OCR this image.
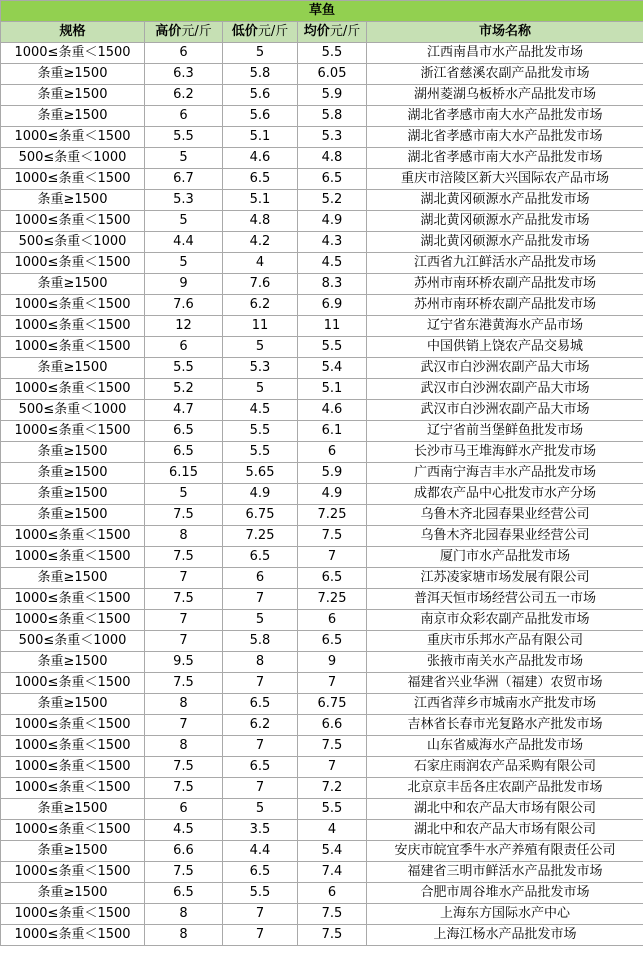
草鱼				
规格	高价元/斤	低价元/斤	均价元/斤	市场名称
1000≤条重＜1500	6	5	5.5	江西南昌市水产品批发市场
条重≥1500	6.3	5.8	6.05	浙江省慈溪农副产品批发市场
条重≥1500	6.2	5.6	5.9	湖州菱湖乌板桥水产品批发市场
条重≥1500	6	5.6	5.8	湖北省孝感市南大水产品批发市场
1000≤条重＜1500	5.5	5.1	5.3	湖北省孝感市南大水产品批发市场
500≤条重＜1000	5	4.6	4.8	湖北省孝感市南大水产品批发市场
1000≤条重＜1500	6.7	6.5	6.5	重庆市涪陵区新大兴国际农产品市场
条重≥1500	5.3	5.1	5.2	湖北黄冈硕源水产品批发市场
1000≤条重＜1500	5	4.8	4.9	湖北黄冈硕源水产品批发市场
500≤条重＜1000	4.4	4.2	4.3	湖北黄冈硕源水产品批发市场
1000≤条重＜1500	5	4	4.5	江西省九江鲜活水产品批发市场
条重≥1500	9	7.6	8.3	苏州市南环桥农副产品批发市场
1000≤条重＜1500	7.6	6.2	6.9	苏州市南环桥农副产品批发市场
1000≤条重＜1500	12	11	11	辽宁省东港黄海水产品市场
1000≤条重＜1500	6	5	5.5	中国供销上饶农产品交易城
条重≥1500	5.5	5.3	5.4	武汉市白沙洲农副产品大市场
1000≤条重＜1500	5.2	5	5.1	武汉市白沙洲农副产品大市场
500≤条重＜1000	4.7	4.5	4.6	武汉市白沙洲农副产品大市场
1000≤条重＜1500	6.5	5.5	6.1	辽宁省前当堡鲜鱼批发市场
条重≥1500	6.5	5.5	6	长沙市马王堆海鲜水产批发市场
条重≥1500	6.15	5.65	5.9	广西南宁海吉丰水产品批发市场
条重≥1500	5	4.9	4.9	成都农产品中心批发市水产分场
条重≥1500	7.5	6.75	7.25	乌鲁木齐北园春果业经营公司
1000≤条重＜1500	8	7.25	7.5	乌鲁木齐北园春果业经营公司
1000≤条重＜1500	7.5	6.5	7	厦门市水产品批发市场
条重≥1500	7	6	6.5	江苏凌家塘市场发展有限公司
1000≤条重＜1500	7.5	7	7.25	普洱天恒市场经营公司五一市场
1000≤条重＜1500	7	5	6	南京市众彩农副产品批发市场
500≤条重＜1000	7	5.8	6.5	重庆市乐邦水产品有限公司
条重≥1500	9.5	8	9	张掖市南关水产品批发市场
1000≤条重＜1500	7.5	7	7	福建省兴业华洲（福建）农贸市场
条重≥1500	8	6.5	6.75	江西省萍乡市城南水产批发市场
1000≤条重＜1500	7	6.2	6.6	吉林省长春市光复路水产批发市场
1000≤条重＜1500	8	7	7.5	山东省威海水产品批发市场
1000≤条重＜1500	7.5	6.5	7	石家庄雨润农产品采购有限公司
1000≤条重＜1500	7.5	7	7.2	北京京丰岳各庄农副产品批发市场
条重≥1500	6	5	5.5	湖北中和农产品大市场有限公司
1000≤条重＜1500	4.5	3.5	4	湖北中和农产品大市场有限公司
条重≥1500	6.6	4.4	5.4	安庆市皖宜季牛水产养殖有限责任公司
1000≤条重＜1500	7.5	6.5	7.4	福建省三明市鲜活水产品批发市场
条重≥1500	6.5	5.5	6	合肥市周谷堆水产品批发市场
1000≤条重＜1500	8	7	7.5	上海东方国际水产中心
1000≤条重＜1500	8	7	7.5	上海江杨水产品批发市场
